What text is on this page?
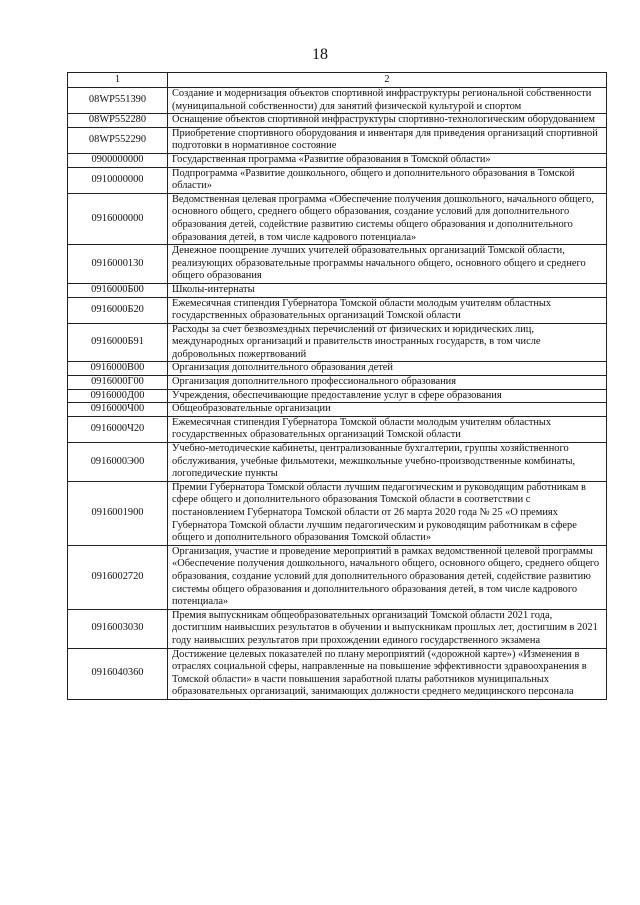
18
1	2
08WP551390	Создание и модернизация объектов спортивной инфраструктуры региональной собственности (муниципальной собственности) для занятий физической культурой и спортом
08WP552280	Оснащение объектов спортивной инфраструктуры спортивно-технологическим оборудованием
08WP552290	Приобретение спортивного оборудования и инвентаря для приведения организаций спортивной подготовки в нормативное состояние
0900000000	Государственная программа «Развитие образования в Томской области»
0910000000	Подпрограмма «Развитие дошкольного, общего и дополнительного образования в Томской области»
0916000000	Ведомственная целевая программа «Обеспечение получения дошкольного, начального общего, основного общего, среднего общего образования, создание условий для дополнительного образования детей, содействие развитию системы общего образования и дополнительного образования детей, в том числе кадрового потенциала»
0916000130	Денежное поощрение лучших учителей образовательных организаций Томской области, реализующих образовательные программы начального общего, основного общего и среднего общего образования
0916000Б00	Школы-интернаты
0916000Б20	Ежемесячная стипендия Губернатора Томской области молодым учителям областных государственных образовательных организаций Томской области
0916000Б91	Расходы за счет безвозмездных перечислений от физических и юридических лиц, международных организаций и правительств иностранных государств, в том числе добровольных пожертвований
0916000В00	Организация дополнительного образования детей
0916000Г00	Организация дополнительного профессионального образования
0916000Д00	Учреждения, обеспечивающие предоставление услуг в сфере образования
0916000Ч00	Общеобразовательные организации
0916000Ч20	Ежемесячная стипендия Губернатора Томской области молодым учителям областных государственных образовательных организаций Томской области
0916000Э00	Учебно-методические кабинеты, централизованные бухгалтерии, группы хозяйственного обслуживания, учебные фильмотеки, межшкольные учебно-производственные комбинаты, логопедические пункты
0916001900	Премии Губернатора Томской области лучшим педагогическим и руководящим работникам в сфере общего и дополнительного образования Томской области в соответствии с постановлением Губернатора Томской области от 26 марта 2020 года № 25 «О премиях Губернатора Томской области лучшим педагогическим и руководящим работникам в сфере общего и дополнительного образования Томской области»
0916002720	Организация, участие и проведение мероприятий в рамках ведомственной целевой программы «Обеспечение получения дошкольного, начального общего, основного общего, среднего общего образования, создание условий для дополнительного образования детей, содействие развитию системы общего образования и дополнительного образования детей, в том числе кадрового потенциала»
0916003030	Премия выпускникам общеобразовательных организаций Томской области 2021 года, достигшим наивысших результатов в обучении и выпускникам прошлых лет, достигшим в 2021 году наивысших результатов при прохождении единого государственного экзамена
0916040360	Достижение целевых показателей по плану мероприятий («дорожной карте») «Изменения в отраслях социальной сферы, направленные на повышение эффективности здравоохранения в Томской области» в части повышения заработной платы работников муниципальных образовательных организаций, занимающих должности среднего медицинского персонала
